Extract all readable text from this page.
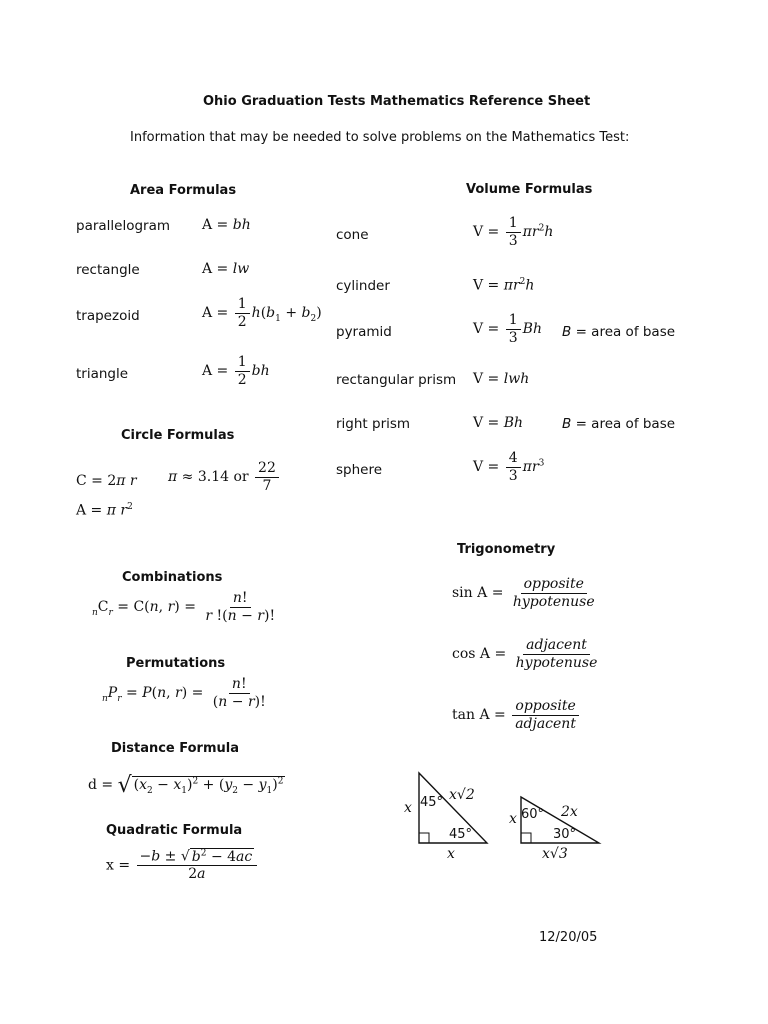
Ohio Graduation Tests Mathematics Reference Sheet
Information that may be needed to solve problems on the Mathematics Test:
Area Formulas
parallelogram A = bh
rectangle	A = lw
trapezoid	$A = \frac{1}{2} h(b_1 + b_2)$
triangle	$A = \frac{1}{2}$ bh
Circle Formulas
C = 2π r π ≈ 3.14 or $\frac{22}{7}$
A = π $r^2$
Combinations
$_nC_r = C(n$, $r) = \frac{n!}{r !(n - r)!}$
Permutations
$_nP_r = P(n$, $r) = \frac{n!}{(n - r)!}$
Distance Formula
d = √ $(x_2 - x_1)^2 + (y_2 - y_1)^2$
Quadratic Formula
$x = \frac{-b \pm √ b^2 - 4ac}{2a}$
Volume Formulas
cone	$V = \frac{1}{3} \pi r^2h$
cylinder	$V = \pi r^2h$
pyramid	$V = \frac{1}{3}$ Bh B = area of base
rectangular prism V = lwh
right prism	V = Bh	B = area of base
sphere	$V = \frac{4}{3} \pi r^3$
Trigonometry
$\sin A = \frac{\text{opposite}}{\text{hypotenuse}}$
$\cos A = \frac{\text{adjacent}}{\text{hypotenuse}}$
$\tan A = \frac{\text{opposite}}{\text{adjacent}}$
x 45° x√2
45°
x
x 60° 2x
30°
x√3
12/20/05
